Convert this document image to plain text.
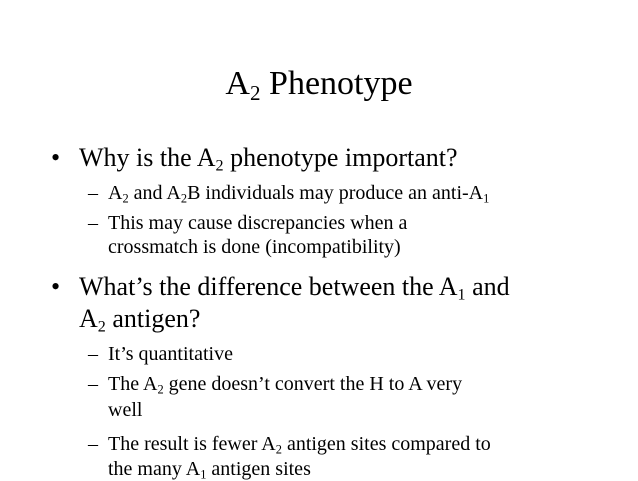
$A_2$ Phenotype
• Why is the $A_2$ phenotype important?
– $A_2$ and $A_2B$ individuals may produce an anti-$A_1$
– This may cause discrepancies when a
crossmatch is done (incompatibility)
• What’s the difference between the $A_1$ and
$A_2$ antigen?
– It’s quantitative
– The $A_2$ gene doesn’t convert the H to A very
well
– The result is fewer $A_2$ antigen sites compared to
the many $A_1$ antigen sites
